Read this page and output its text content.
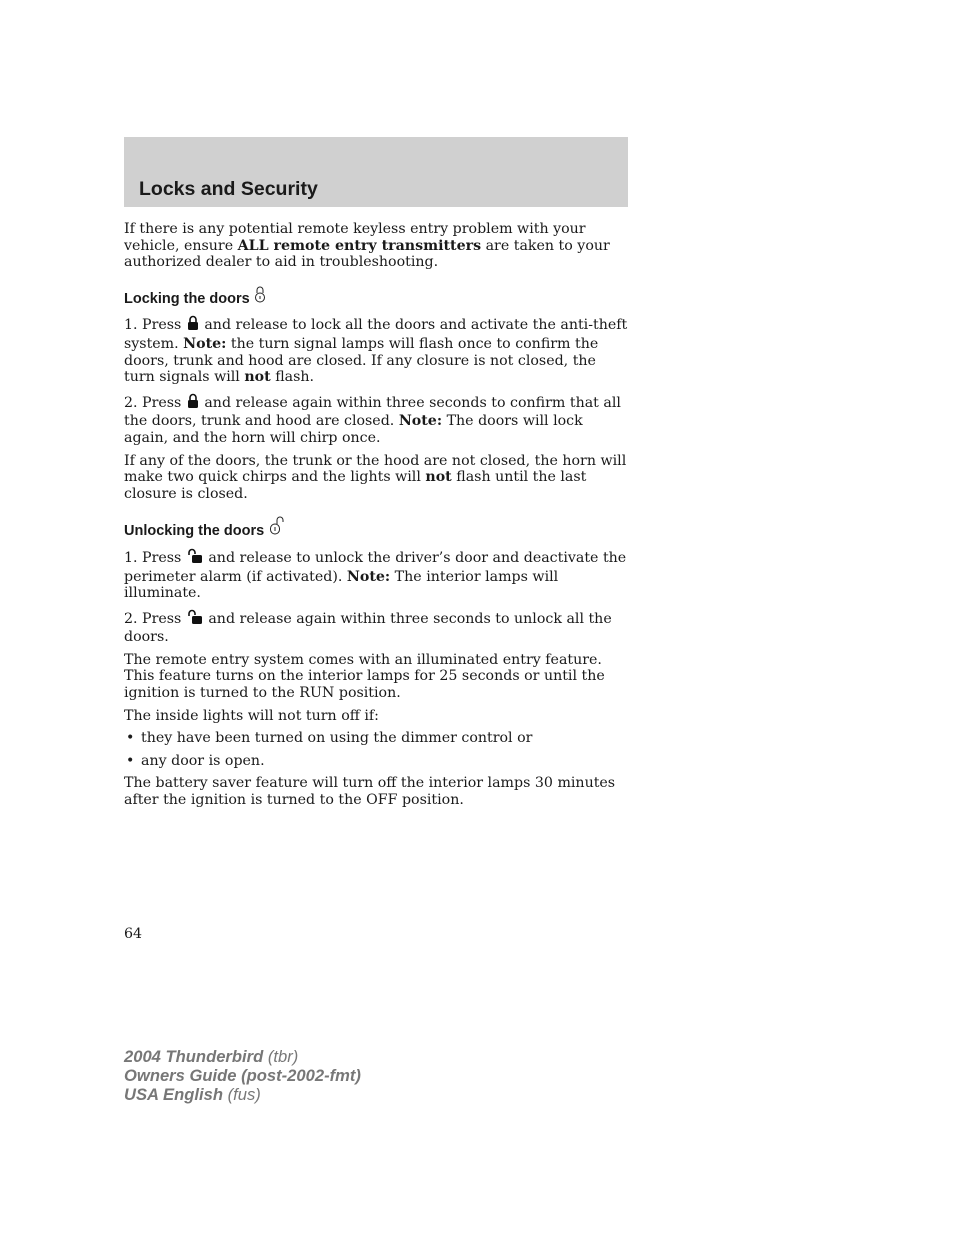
Locks and Security

If there is any potential remote keyless entry problem with your vehicle, ensure ALL remote entry transmitters are taken to your authorized dealer to aid in troubleshooting.

Locking the doors

1. Press  and release to lock all the doors and activate the anti-theft system. Note: the turn signal lamps will flash once to confirm the doors, trunk and hood are closed. If any closure is not closed, the turn signals will not flash.

2. Press  and release again within three seconds to confirm that all the doors, trunk and hood are closed. Note: The doors will lock again, and the horn will chirp once.

If any of the doors, the trunk or the hood are not closed, the horn will make two quick chirps and the lights will not flash until the last closure is closed.

Unlocking the doors

1. Press  and release to unlock the driver’s door and deactivate the perimeter alarm (if activated). Note: The interior lamps will illuminate.

2. Press  and release again within three seconds to unlock all the doors.

The remote entry system comes with an illuminated entry feature. This feature turns on the interior lamps for 25 seconds or until the ignition is turned to the RUN position.

The inside lights will not turn off if:

• they have been turned on using the dimmer control or
• any door is open.

The battery saver feature will turn off the interior lamps 30 minutes after the ignition is turned to the OFF position.

64
2004 Thunderbird (tbr)
Owners Guide (post-2002-fmt)
USA English (fus)
